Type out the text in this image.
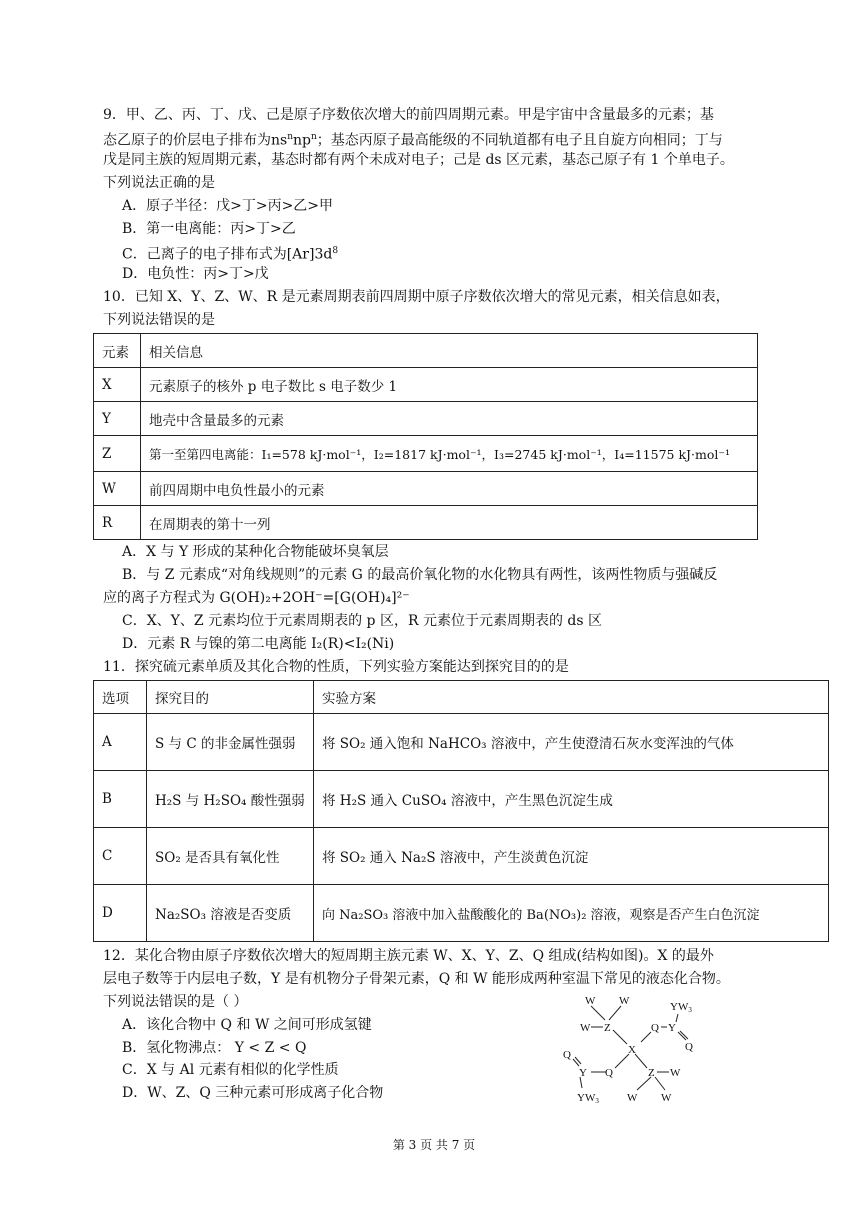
9．甲、乙、丙、丁、戊、己是原子序数依次增大的前四周期元素。甲是宇宙中含量最多的元素；基
态乙原子的价层电子排布为$ns^nnp^n$；基态丙原子最高能级的不同轨道都有电子且自旋方向相同；丁与
戊是同主族的短周期元素，基态时都有两个未成对电子；己是 ds 区元素，基态己原子有 1 个单电子。
下列说法正确的是
A．原子半径：戊>丁>丙>乙>甲
B．第一电离能：丙>丁>乙
C．己离子的电子排布式为$[Ar]3d^8$
D．电负性：丙>丁>戊
10．已知 X、Y、Z、W、R 是元素周期表前四周期中原子序数依次增大的常见元素，相关信息如表，
下列说法错误的是
元素	相关信息
X	元素原子的核外 p 电子数比 s 电子数少 1
Y	地壳中含量最多的元素
Z	第一至第四电离能：I₁=578 kJ·mol⁻¹，I₂=1817 kJ·mol⁻¹，I₃=2745 kJ·mol⁻¹，I₄=11575 kJ·mol⁻¹
W	前四周期中电负性最小的元素
R	在周期表的第十一列
A．X 与 Y 形成的某种化合物能破坏臭氧层
B．与 Z 元素成“对角线规则”的元素 G 的最高价氧化物的水化物具有两性，该两性物质与强碱反
应的离子方程式为 G(OH)₂+2OH⁻=[G(OH)₄]²⁻
C．X、Y、Z 元素均位于元素周期表的 p 区，R 元素位于元素周期表的 ds 区
D．元素 R 与镍的第二电离能 I₂(R)<I₂(Ni)
11．探究硫元素单质及其化合物的性质，下列实验方案能达到探究目的的是
选项	探究目的	实验方案
A	S 与 C 的非金属性强弱	将 SO₂ 通入饱和 NaHCO₃ 溶液中，产生使澄清石灰水变浑浊的气体
B	H₂S 与 H₂SO₄ 酸性强弱	将 H₂S 通入 CuSO₄ 溶液中，产生黑色沉淀生成
C	SO₂ 是否具有氧化性	将 SO₂ 通入 Na₂S 溶液中，产生淡黄色沉淀
D	Na₂SO₃ 溶液是否变质	向 Na₂SO₃ 溶液中加入盐酸酸化的 Ba(NO₃)₂ 溶液，观察是否产生白色沉淀
12．某化合物由原子序数依次增大的短周期主族元素 W、X、Y、Z、Q 组成(结构如图)。X 的最外
层电子数等于内层电子数，Y 是有机物分子骨架元素，Q 和 W 能形成两种室温下常见的液态化合物。
下列说法错误的是（ ）
A．该化合物中 Q 和 W 之间可形成氢键
B．氢化物沸点： Y < Z < Q
C．X 与 Al 元素有相似的化学性质
D．W、Z、Q 三种元素可形成离子化合物
W W
W Z	Q Y
YW3
Q
X
Q
Y Q	Z W
YW3	W W
第 3 页 共 7 页
